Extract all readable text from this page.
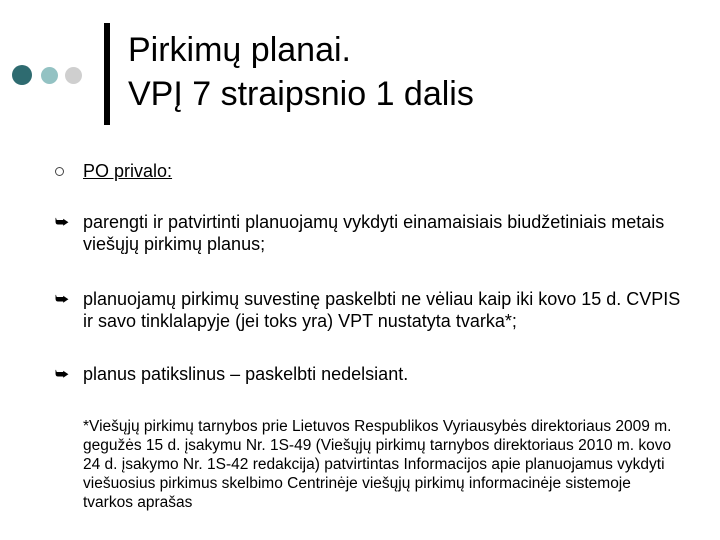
Pirkimų planai.
VPĮ 7 straipsnio 1 dalis
PO privalo:
⮩ parengti ir patvirtinti planuojamų vykdyti einamaisiais biudžetiniais metais viešųjų pirkimų planus;
⮩ planuojamų pirkimų suvestinę paskelbti ne vėliau kaip iki kovo 15 d. CVPIS ir savo tinklalapyje (jei toks yra) VPT nustatyta tvarka*;
⮩ planus patikslinus – paskelbti nedelsiant.
*Viešųjų pirkimų tarnybos prie Lietuvos Respublikos Vyriausybės direktoriaus 2009 m. gegužės 15 d. įsakymu Nr. 1S-49 (Viešųjų pirkimų tarnybos direktoriaus 2010 m. kovo 24 d. įsakymo Nr. 1S-42 redakcija) patvirtintas Informacijos apie planuojamus vykdyti viešuosius pirkimus skelbimo Centrinėje viešųjų pirkimų informacinėje sistemoje tvarkos aprašas
